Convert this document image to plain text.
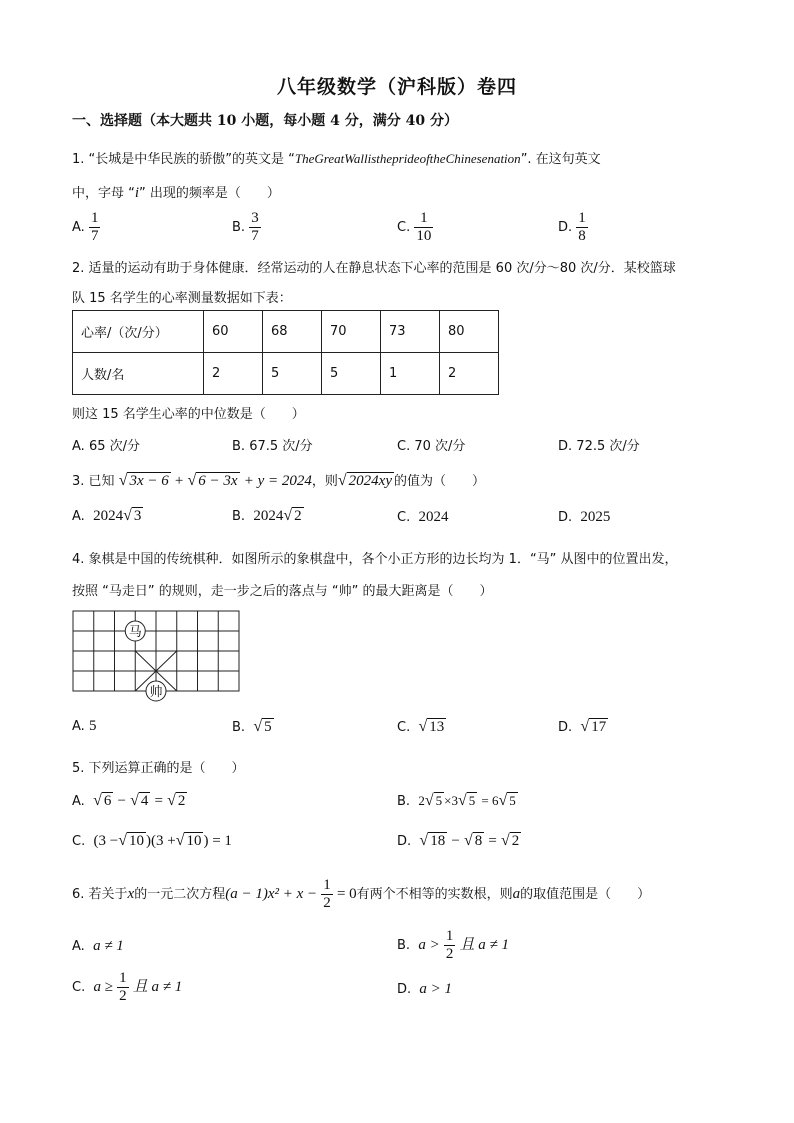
八年级数学（沪科版）卷四
一、选择题（本大题共 10 小题，每小题 4 分，满分 40 分）
1. “长城是中华民族的骄傲”的英文是 “TheGreatWallistheprideoftheChinesenation”. 在这句英文
中，字母 “i” 出现的频率是（　　）
A. $\frac{1}{7}$	B. $\frac{3}{7}$	C. $\frac{1}{10}$	D. $\frac{1}{8}$
2. 适量的运动有助于身体健康．经常运动的人在静息状态下心率的范围是 60 次/分～80 次/分．某校篮球
队 15 名学生的心率测量数据如下表：
心率/（次/分）	60	68	70	73	80
人数/名	2	5	5	1	2
则这 15 名学生心率的中位数是（　　）
A. 65 次/分	B. 67.5 次/分	C. 70 次/分	D. 72.5 次/分
3. 已知 √ 3x − 6 + √ 6 − 3x + y = 2024，则√ 2024xy 的值为（　　）
A. 2024√ 3	B. 2024√ 2	C. 2024	D. 2025
4. 象棋是中国的传统棋种．如图所示的象棋盘中，各个小正方形的边长均为 1．“马” 从图中的位置出发，
按照 “马走日” 的规则，走一步之后的落点与 “帅” 的最大距离是（　　）
马
帅
A. 5	B. √ 5	C. √ 13	D. √ 17
5. 下列运算正确的是（　　）
A. √ 6 − √ 4 = √ 2	B. 2√ 5 ×3√ 5 = 6√ 5
C. (3 −√ 10 )(3 +√ 10 ) = 1	D. √ 18 − √ 8 = √ 2
6. 若关于x的一元二次方程$(a - 1)x^2 + x - \frac{1}{2} = 0$有两个不相等的实数根，则a的取值范围是（　　）
A. a ≠ 1	B. $a > \frac{1}{2}$ 且 a ≠ 1
C. $a \ge \frac{1}{2}$ 且 a ≠ 1	D. a > 1
